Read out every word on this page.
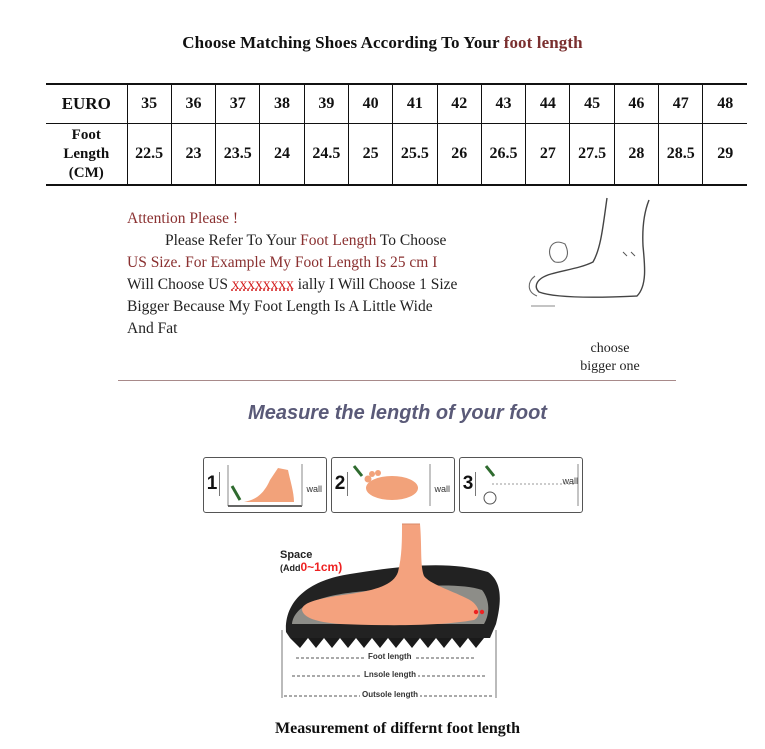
Choose Matching Shoes According To Your foot length
EURO	35	36	37	38	39	40	41	42	43	44	45	46	47	48
Foot
Length
(CM)	22.5	23	23.5	24	24.5	25	25.5	26	26.5	27	27.5	28	28.5	29
Attention Please !
Please Refer To Your Foot Length To Choose
US Size. For Example My Foot Length Is 25 cm I
Will Choose US xxxxxxxx ially I Will Choose 1 Size
Bigger Because My Foot Length Is A Little Wide
And Fat
choose
bigger one
Measure the length of your foot
1	wall 2	wall 3	wall
Space
(Add0~1cm)
Foot length
Lnsole length
Outsole length
Measurement of differnt foot length
